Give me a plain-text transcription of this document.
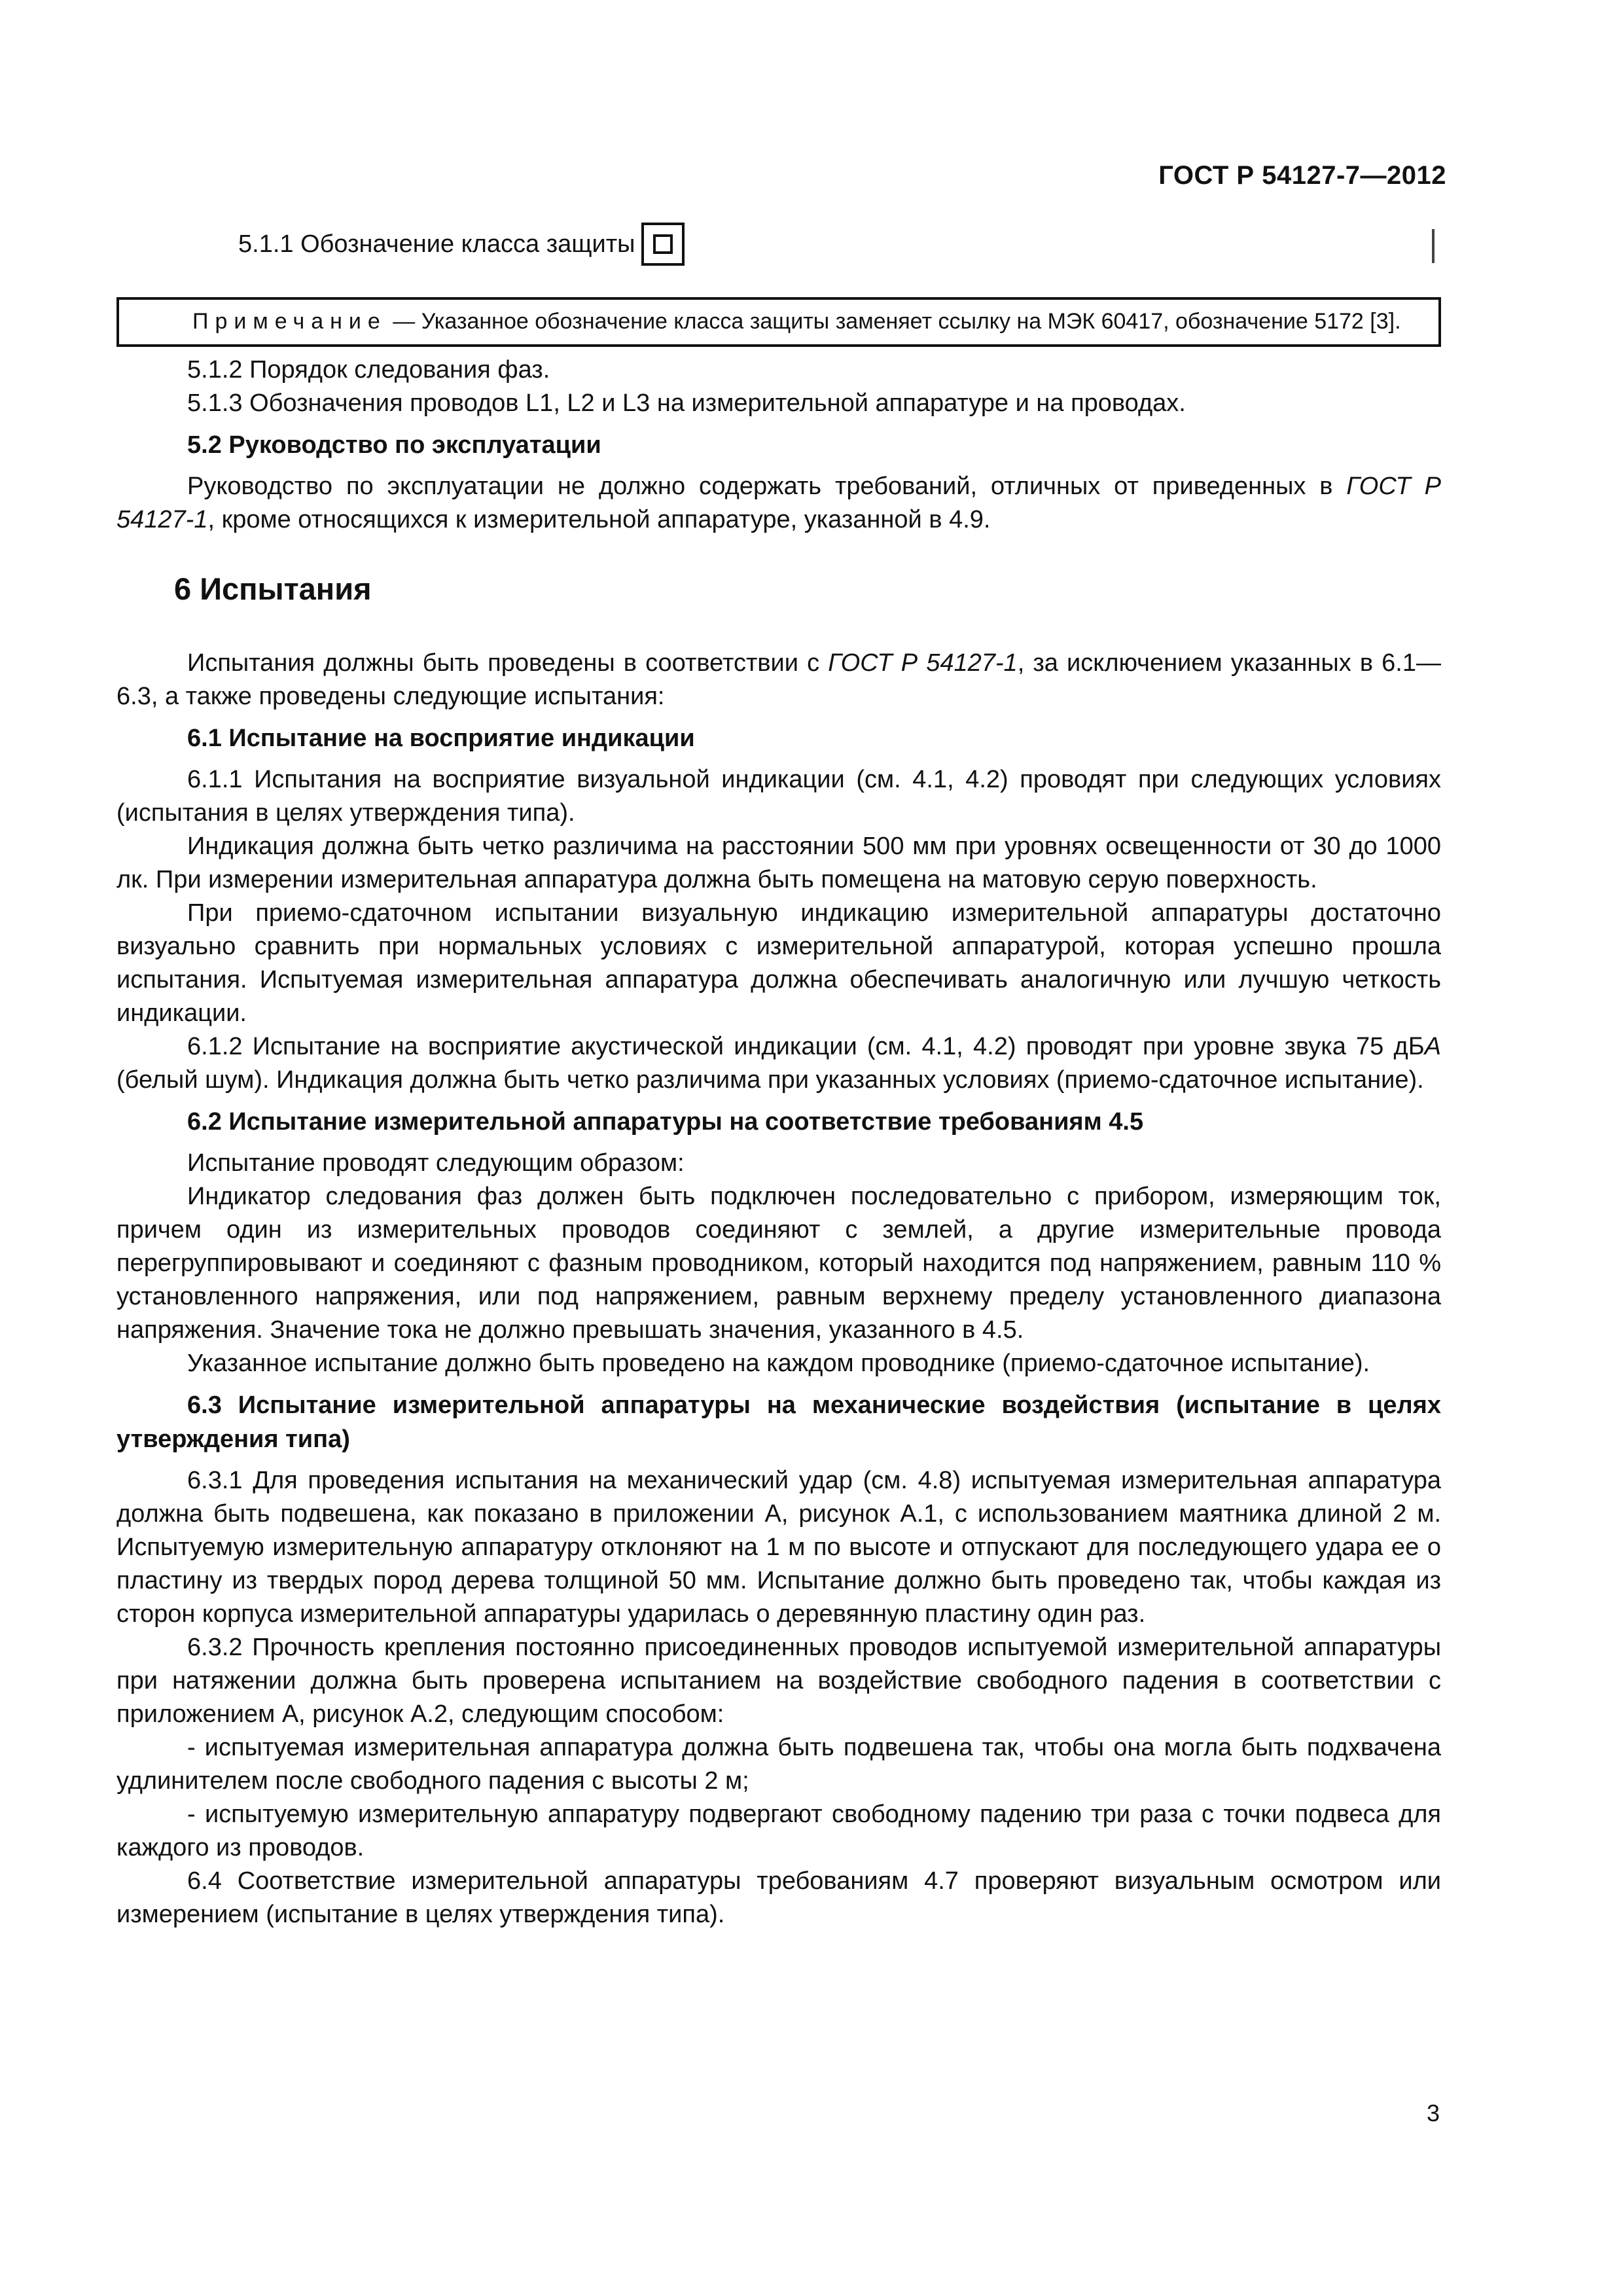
ГОСТ Р 54127-7—2012
5.1.1 Обозначение класса защиты
Примечание — Указанное обозначение класса защиты заменяет ссылку на МЭК 60417, обозначение 5172 [3].

5.1.2 Порядок следования фаз.

5.1.3 Обозначения проводов L1, L2 и L3 на измерительной аппаратуре и на проводах.

5.2 Руководство по эксплуатации

Руководство по эксплуатации не должно содержать требований, отличных от приведенных в ГОСТ Р 54127-1, кроме относящихся к измерительной аппаратуре, указанной в 4.9.

6 Испытания

Испытания должны быть проведены в соответствии с ГОСТ Р 54127-1, за исключением указанных в 6.1—6.3, а также проведены следующие испытания:

6.1 Испытание на восприятие индикации

6.1.1 Испытания на восприятие визуальной индикации (см. 4.1, 4.2) проводят при следующих условиях (испытания в целях утверждения типа).

Индикация должна быть четко различима на расстоянии 500 мм при уровнях освещенности от 30 до 1000 лк. При измерении измерительная аппаратура должна быть помещена на матовую серую поверхность.

При приемо-сдаточном испытании визуальную индикацию измерительной аппаратуры достаточно визуально сравнить при нормальных условиях с измерительной аппаратурой, которая успешно прошла испытания. Испытуемая измерительная аппаратура должна обеспечивать аналогичную или лучшую четкость индикации.

6.1.2 Испытание на восприятие акустической индикации (см. 4.1, 4.2) проводят при уровне звука 75 дБА (белый шум). Индикация должна быть четко различима при указанных условиях (приемо-сдаточное испытание).

6.2 Испытание измерительной аппаратуры на соответствие требованиям 4.5

Испытание проводят следующим образом:

Индикатор следования фаз должен быть подключен последовательно с прибором, измеряющим ток, причем один из измерительных проводов соединяют с землей, а другие измерительные провода перегруппировывают и соединяют с фазным проводником, который находится под напряжением, равным 110 % установленного напряжения, или под напряжением, равным верхнему пределу установленного диапазона напряжения. Значение тока не должно превышать значения, указанного в 4.5.

Указанное испытание должно быть проведено на каждом проводнике (приемо-сдаточное испытание).

6.3 Испытание измерительной аппаратуры на механические воздействия (испытание в целях утверждения типа)

6.3.1 Для проведения испытания на механический удар (см. 4.8) испытуемая измерительная аппаратура должна быть подвешена, как показано в приложении А, рисунок А.1, с использованием маятника длиной 2 м. Испытуемую измерительную аппаратуру отклоняют на 1 м по высоте и отпускают для последующего удара ее о пластину из твердых пород дерева толщиной 50 мм. Испытание должно быть проведено так, чтобы каждая из сторон корпуса измерительной аппаратуры ударилась о деревянную пластину один раз.

6.3.2 Прочность крепления постоянно присоединенных проводов испытуемой измерительной аппаратуры при натяжении должна быть проверена испытанием на воздействие свободного падения в соответствии с приложением А, рисунок А.2, следующим способом:

- испытуемая измерительная аппаратура должна быть подвешена так, чтобы она могла быть подхвачена удлинителем после свободного падения с высоты 2 м;

- испытуемую измерительную аппаратуру подвергают свободному падению три раза с точки подвеса для каждого из проводов.

6.4 Соответствие измерительной аппаратуры требованиям 4.7 проверяют визуальным осмотром или измерением (испытание в целях утверждения типа).

3
